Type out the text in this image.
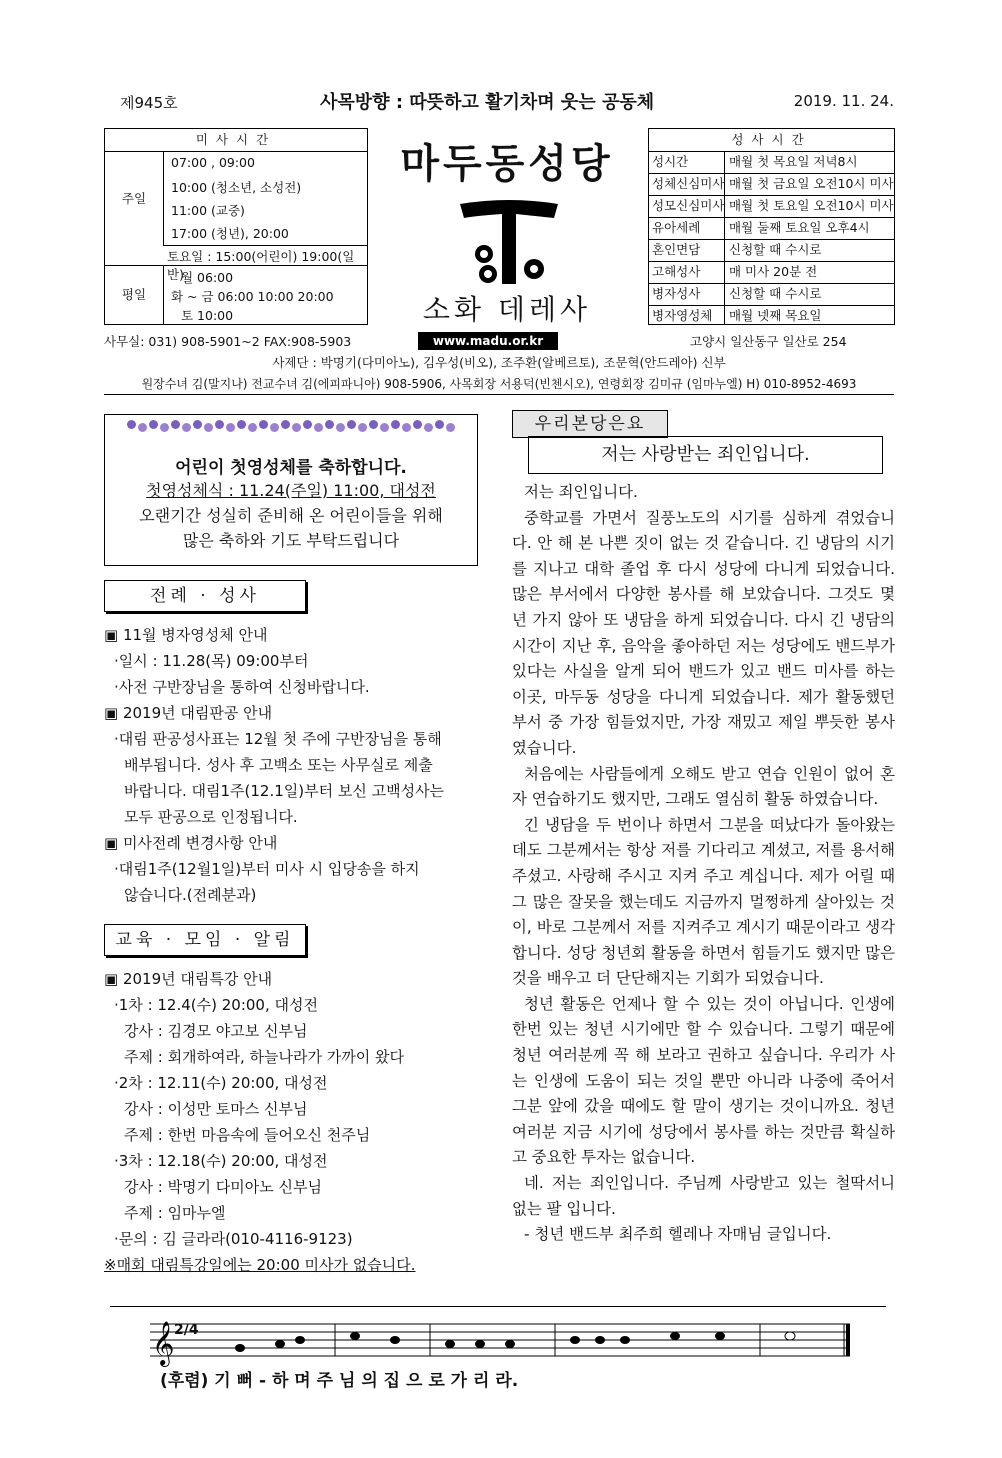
제945호	사목방향 : 따뜻하고 활기차며 웃는 공동체	2019. 11. 24.
미사시간
주일
07:00 , 09:00
10:00 (청소년, 소성전)
11:00 (교중)
17:00 (청년), 20:00
토요일 : 15:00(어린이) 19:00(일반)
평일
월 06:00
화 ~ 금 06:00 10:00 20:00
토 10:00
마두동성당
소화 데레사
www.madu.or.kr
성사시간
성시간	매월 첫 목요일 저녁8시
성체신심미사 매월 첫 금요일 오전10시 미사
성모신심미사 매월 첫 토요일 오전10시 미사
유아세례 매월 둘째 토요일 오후4시
혼인면담 신청할 때 수시로
고해성사 매 미사 20분 전
병자성사 신청할 때 수시로
병자영성체 매월 넷째 목요일
사무실: 031) 908-5901~2 FAX:908-5903	고양시 일산동구 일산로 254
사제단 : 박명기(다미아노), 김우성(비오), 조주환(알베르토), 조문혁(안드레아) 신부
원장수녀 김(말지나) 전교수녀 김(에피파니아) 908-5906, 사목회장 서용덕(빈첸시오), 연령회장 김미규 (임마누엘) H) 010-8952-4693
어린이 첫영성체를 축하합니다.
첫영성체식 : 11.24(주일) 11:00, 대성전
오랜기간 성실히 준비해 온 어린이들을 위해
많은 축하와 기도 부탁드립니다
전례 · 성사
▣ 11월 병자영성체 안내
·일시 : 11.28(목) 09:00부터
·사전 구반장님을 통하여 신청바랍니다.
▣ 2019년 대림판공 안내
·대림 판공성사표는 12월 첫 주에 구반장님을 통해
배부됩니다. 성사 후 고백소 또는 사무실로 제출
바랍니다. 대림1주(12.1일)부터 보신 고백성사는
모두 판공으로 인정됩니다.
▣ 미사전례 변경사항 안내
·대림1주(12월1일)부터 미사 시 입당송을 하지
않습니다.(전례분과)
교육 · 모임 · 알림
▣ 2019년 대림특강 안내
·1차 : 12.4(수) 20:00, 대성전
강사 : 김경모 야고보 신부님
주제 : 회개하여라, 하늘나라가 가까이 왔다
·2차 : 12.11(수) 20:00, 대성전
강사 : 이성만 토마스 신부님
주제 : 한번 마음속에 들어오신 천주님
·3차 : 12.18(수) 20:00, 대성전
강사 : 박명기 다미아노 신부님
주제 : 임마누엘
·문의 : 김 글라라(010-4116-9123)
※매회 대림특강일에는 20:00 미사가 없습니다.
우리본당은요
저는 사랑받는 죄인입니다.

저는 죄인입니다.

중학교를 가면서 질풍노도의 시기를 심하게 겪었습니다. 안 해 본 나쁜 짓이 없는 것 같습니다. 긴 냉담의 시기를 지나고 대학 졸업 후 다시 성당에 다니게 되었습니다. 많은 부서에서 다양한 봉사를 해 보았습니다. 그것도 몇 년 가지 않아 또 냉담을 하게 되었습니다. 다시 긴 냉담의 시간이 지난 후, 음악을 좋아하던 저는 성당에도 밴드부가 있다는 사실을 알게 되어 밴드가 있고 밴드 미사를 하는 이곳, 마두동 성당을 다니게 되었습니다. 제가 활동했던 부서 중 가장 힘들었지만, 가장 재밌고 제일 뿌듯한 봉사였습니다.

처음에는 사람들에게 오해도 받고 연습 인원이 없어 혼자 연습하기도 했지만, 그래도 열심히 활동 하였습니다.

긴 냉담을 두 번이나 하면서 그분을 떠났다가 돌아왔는데도 그분께서는 항상 저를 기다리고 계셨고, 저를 용서해 주셨고. 사랑해 주시고 지켜 주고 계십니다. 제가 어릴 때 그 많은 잘못을 했는데도 지금까지 멀쩡하게 살아있는 것이, 바로 그분께서 저를 지켜주고 계시기 때문이라고 생각합니다. 성당 청년회 활동을 하면서 힘들기도 했지만 많은 것을 배우고 더 단단해지는 기회가 되었습니다.

청년 활동은 언제나 할 수 있는 것이 아닙니다. 인생에 한번 있는 청년 시기에만 할 수 있습니다. 그렇기 때문에 청년 여러분께 꼭 해 보라고 권하고 싶습니다. 우리가 사는 인생에 도움이 되는 것일 뿐만 아니라 나중에 죽어서 그분 앞에 갔을 때에도 할 말이 생기는 것이니까요. 청년 여러분 지금 시기에 성당에서 봉사를 하는 것만큼 확실하고 중요한 투자는 없습니다.

네. 저는 죄인입니다. 주님께 사랑받고 있는 철딱서니 없는 팔 입니다.

- 청년 밴드부 최주희 헬레나 자매님 글입니다.

𝄞 2/4
(후렴) 기 뻐 - 하 며 주 님 의 집 으 로 가 리 라.
